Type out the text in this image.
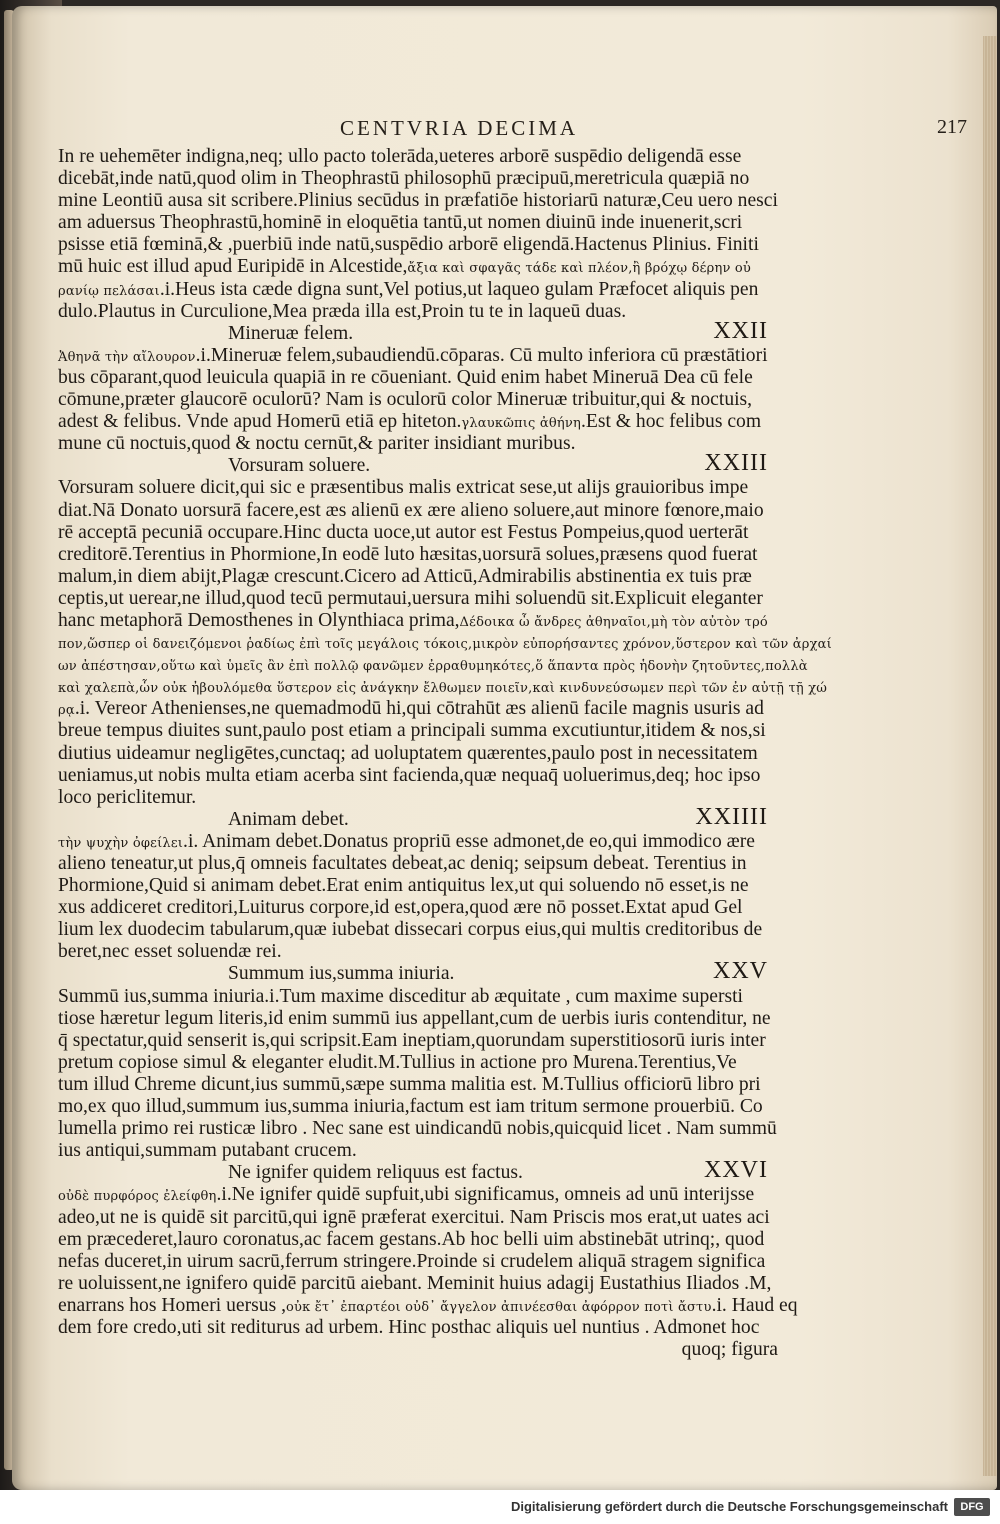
CENTVRIA DECIMA	217
In re uehemēter indigna,neq; ullo pacto tolerāda,ueteres arborē suspēdio deligendā esse
dicebāt,inde natū,quod olim in Theophrastū philosophū præcipuū,meretricula quæpiā no
mine Leontiū ausa sit scribere.Plinius secūdus in præfatiōe historiarū naturæ,Ceu uero nesci
am aduersus Theophrastū,hominē in eloquētia tantū,ut nomen diuinū inde inuenerit,scri
psisse etiā fœminā,& ,puerbiū inde natū,suspēdio arborē eligendā.Hactenus Plinius. Finiti
mū huic est illud apud Euripidē in Alcestide,ἄξια καὶ σφαγᾶς τάδε καὶ πλέον,ἢ βρόχῳ δέρην οὐ
ρανίῳ πελάσαι.i.Heus ista cæde digna sunt,Vel potius,ut laqueo gulam Præfocet aliquis pen
dulo.Plautus in Curculione,Mea præda illa est,Proin tu te in laqueū duas.
Mineruæ felem.	XXII
Ἀθηνᾶ τὴν αἴλουρον.i.Mineruæ felem,subaudiendū.cōparas. Cū multo inferiora cū præstātiori
bus cōparant,quod leuicula quapiā in re cōueniant. Quid enim habet Mineruā Dea cū fele
cōmune,præter glaucorē oculorū? Nam is oculorū color Mineruæ tribuitur,qui & noctuis,
adest & felibus. Vnde apud Homerū etiā ep hiteton.γλαυκῶπις ἀθήνη.Est & hoc felibus com
mune cū noctuis,quod & noctu cernūt,& pariter insidiant muribus.
Vorsuram soluere.	XXIII
Vorsuram soluere dicit,qui sic e præsentibus malis extricat sese,ut alijs grauioribus impe
diat.Nā Donato uorsurā facere,est æs alienū ex ære alieno soluere,aut minore fœnore,maio
rē acceptā pecuniā occupare.Hinc ducta uoce,ut autor est Festus Pompeius,quod uerterāt
creditorē.Terentius in Phormione,In eodē luto hæsitas,uorsurā solues,præsens quod fuerat
malum,in diem abijt,Plagæ crescunt.Cicero ad Atticū,Admirabilis abstinentia ex tuis præ
ceptis,ut uerear,ne illud,quod tecū permutaui,uersura mihi soluendū sit.Explicuit eleganter
hanc metaphorā Demosthenes in Olynthiaca prima,Δέδοικα ὦ ἄνδρες ἀθηναῖοι,μὴ τὸν αὐτὸν τρό
πον,ὥσπερ οἱ δανειζόμενοι ῥαδίως ἐπὶ τοῖς μεγάλοις τόκοις,μικρὸν εὐπορήσαντες χρόνον,ὕστερον καὶ τῶν ἀρχαί
ων ἀπέστησαν,οὕτω καὶ ὑμεῖς ἂν ἐπὶ πολλῷ φανῶμεν ἐρραθυμηκότες,ὅ ἅπαντα πρὸς ἡδονὴν ζητοῦντες,πολλὰ
καὶ χαλεπὰ,ὧν οὐκ ἠβουλόμεθα ὕστερον εἰς ἀνάγκην ἔλθωμεν ποιεῖν,καὶ κινδυνεύσωμεν περὶ τῶν ἐν αὐτῇ τῇ χώ
ρᾳ.i. Vereor Athenienses,ne quemadmodū hi,qui cōtrahūt æs alienū facile magnis usuris ad
breue tempus diuites sunt,paulo post etiam a principali summa excutiuntur,itidem & nos,si
diutius uideamur negligētes,cunctaq; ad uoluptatem quærentes,paulo post in necessitatem
ueniamus,ut nobis multa etiam acerba sint facienda,quæ nequaq̄ uoluerimus,deq; hoc ipso
loco periclitemur.
Animam debet.	XXIIII
τὴν ψυχὴν ὀφείλει.i. Animam debet.Donatus propriū esse admonet,de eo,qui immodico ære
alieno teneatur,ut plus,q̄ omneis facultates debeat,ac deniq; seipsum debeat. Terentius in
Phormione,Quid si animam debet.Erat enim antiquitus lex,ut qui soluendo nō esset,is ne
xus addiceret creditori,Luiturus corpore,id est,opera,quod ære nō posset.Extat apud Gel
lium lex duodecim tabularum,quæ iubebat dissecari corpus eius,qui multis creditoribus de
beret,nec esset soluendæ rei.
Summum ius,summa iniuria.	XXV
Summū ius,summa iniuria.i.Tum maxime disceditur ab æquitate , cum maxime supersti
tiose hæretur legum literis,id enim summū ius appellant,cum de uerbis iuris contenditur, ne
q̄ spectatur,quid senserit is,qui scripsit.Eam ineptiam,quorundam superstitiosorū iuris inter
pretum copiose simul & eleganter eludit.M.Tullius in actione pro Murena.Terentius,Ve
tum illud Chreme dicunt,ius summū,sæpe summa malitia est. M.Tullius officiorū libro pri
mo,ex quo illud,summum ius,summa iniuria,factum est iam tritum sermone prouerbiū. Co
lumella primo rei rusticæ libro . Nec sane est uindicandū nobis,quicquid licet . Nam summū
ius antiqui,summam putabant crucem.
Ne ignifer quidem reliquus est factus.	XXVI
οὐδὲ πυρφόρος ἐλείφθη.i.Ne ignifer quidē supfuit,ubi significamus, omneis ad unū interijsse
adeo,ut ne is quidē sit parcitū,qui ignē præferat exercitui. Nam Priscis mos erat,ut uates aci
em præcederet,lauro coronatus,ac facem gestans.Ab hoc belli uim abstinebāt utrinq;, quod
nefas duceret,in uirum sacrū,ferrum stringere.Proinde si crudelem aliquā stragem significa
re uoluissent,ne ignifero quidē parcitū aiebant. Meminit huius adagij Eustathius Iliados .M,
enarrans hos Homeri uersus ,οὐκ ἔτ᾽ ἐπαρτέοι οὐδ᾽ ἄγγελον ἀπινέεσθαι ἀφόρρον ποτὶ ἄστυ.i. Haud eq
dem fore credo,uti sit rediturus ad urbem. Hinc posthac aliquis uel nuntius . Admonet hoc
quoq; figura
Digitalisierung gefördert durch die Deutsche Forschungsgemeinschaft	DFG
